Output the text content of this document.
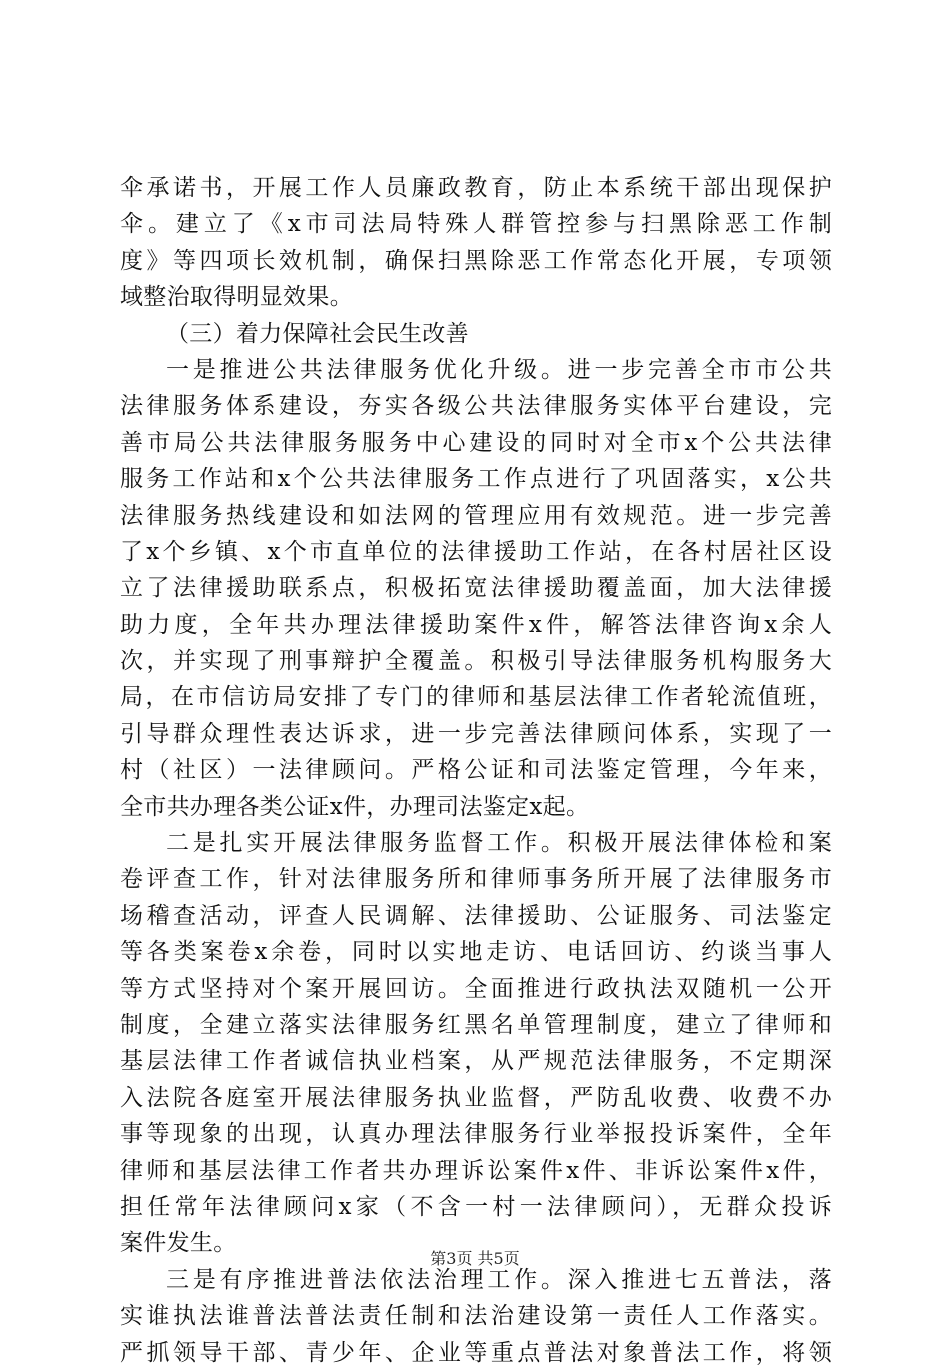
伞承诺书，开展工作人员廉政教育，防止本系统干部出现保护
伞。建立了《x市司法局特殊人群管控参与扫黑除恶工作制
度》等四项长效机制，确保扫黑除恶工作常态化开展，专项领
域整治取得明显效果。
（三）着力保障社会民生改善
一是推进公共法律服务优化升级。进一步完善全市市公共
法律服务体系建设，夯实各级公共法律服务实体平台建设，完
善市局公共法律服务服务中心建设的同时对全市x个公共法律
服务工作站和x个公共法律服务工作点进行了巩固落实，x公共
法律服务热线建设和如法网的管理应用有效规范。进一步完善
了x个乡镇、x个市直单位的法律援助工作站，在各村居社区设
立了法律援助联系点，积极拓宽法律援助覆盖面，加大法律援
助力度，全年共办理法律援助案件x件，解答法律咨询x余人
次，并实现了刑事辩护全覆盖。积极引导法律服务机构服务大
局，在市信访局安排了专门的律师和基层法律工作者轮流值班，
引导群众理性表达诉求，进一步完善法律顾问体系，实现了一
村（社区）一法律顾问。严格公证和司法鉴定管理，今年来，
全市共办理各类公证x件，办理司法鉴定x起。
二是扎实开展法律服务监督工作。积极开展法律体检和案
卷评查工作，针对法律服务所和律师事务所开展了法律服务市
场稽查活动，评查人民调解、法律援助、公证服务、司法鉴定
等各类案卷x余卷，同时以实地走访、电话回访、约谈当事人
等方式坚持对个案开展回访。全面推进行政执法双随机一公开
制度，全建立落实法律服务红黑名单管理制度，建立了律师和
基层法律工作者诚信执业档案，从严规范法律服务，不定期深
入法院各庭室开展法律服务执业监督，严防乱收费、收费不办
事等现象的出现，认真办理法律服务行业举报投诉案件，全年
律师和基层法律工作者共办理诉讼案件x件、非诉讼案件x件，
担任常年法律顾问x家（不含一村一法律顾问），无群众投诉
案件发生。
三是有序推进普法依法治理工作。深入推进七五普法，落
实谁执法谁普法普法责任制和法治建设第一责任人工作落实。
严抓领导干部、青少年、企业等重点普法对象普法工作，将领
第3页 共5页
